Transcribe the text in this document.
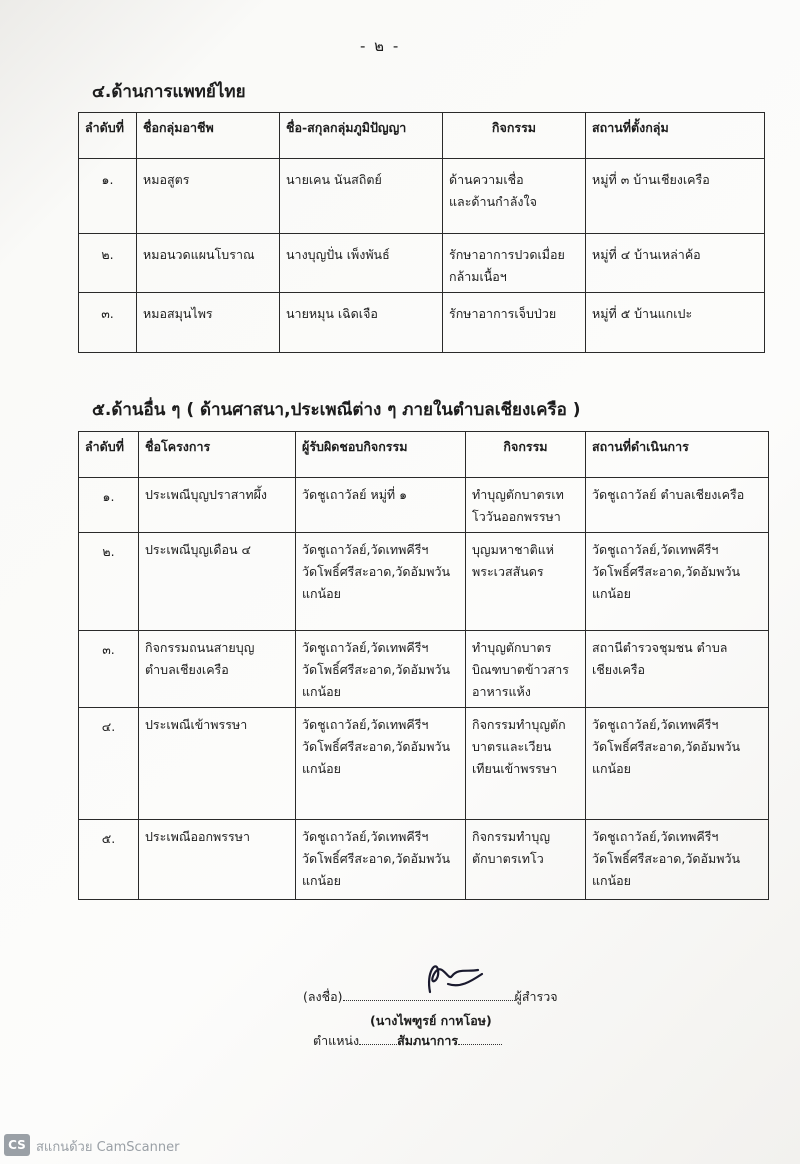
- ๒ -
๔.ด้านการแพทย์ไทย
ลำดับที่	ชื่อกลุ่มอาชีพ	ชื่อ-สกุลกลุ่มภูมิปัญญา	กิจกรรม	สถานที่ตั้งกลุ่ม
๑.	หมอสูตร	นายเคน นันสถิตย์	ด้านความเชื่อ
และด้านกำลังใจ	หมู่ที่ ๓ บ้านเชียงเครือ

๒.	หมอนวดแผนโบราณ	นางบุญปั่น เพ็งพันธ์	รักษาอาการปวดเมื่อย
กล้ามเนื้อฯ	หมู่ที่ ๔ บ้านเหล่าค้อ

๓.	หมอสมุนไพร	นายหมุน เฉิดเจือ	รักษาอาการเจ็บป่วย	หมู่ที่ ๕ บ้านแกเปะ
๕.ด้านอื่น ๆ ( ด้านศาสนา,ประเพณีต่าง ๆ ภายในตำบลเชียงเครือ )
ลำดับที่	ชื่อโครงการ	ผู้รับผิดชอบกิจกรรม	กิจกรรม	สถานที่ดำเนินการ
๑.	ประเพณีบุญปราสาทผึ้ง	วัดชูเถาวัลย์ หมู่ที่ ๑	ทำบุญตักบาตรเท
โววันออกพรรษา	วัดชูเถาวัลย์ ตำบลเชียงเครือ

๒.	ประเพณีบุญเดือน ๔	วัดชูเถาวัลย์,วัดเทพคีรีฯ
วัดโพธิ์ศรีสะอาด,วัดอัมพวัน
แกน้อย	บุญมหาชาติแห่
พระเวสสันดร	วัดชูเถาวัลย์,วัดเทพคีรีฯ
วัดโพธิ์ศรีสะอาด,วัดอัมพวัน
แกน้อย

๓.	กิจกรรมถนนสายบุญ
ตำบลเชียงเครือ	วัดชูเถาวัลย์,วัดเทพคีรีฯ
วัดโพธิ์ศรีสะอาด,วัดอัมพวัน
แกน้อย	ทำบุญตักบาตร
บิณฑบาตข้าวสาร
อาหารแห้ง	สถานีตำรวจชุมชน ตำบล
เชียงเครือ

๔.	ประเพณีเข้าพรรษา	วัดชูเถาวัลย์,วัดเทพคีรีฯ
วัดโพธิ์ศรีสะอาด,วัดอัมพวัน
แกน้อย	กิจกรรมทำบุญตัก
บาตรและเวียน
เทียนเข้าพรรษา	วัดชูเถาวัลย์,วัดเทพคีรีฯ
วัดโพธิ์ศรีสะอาด,วัดอัมพวัน
แกน้อย

๕.	ประเพณีออกพรรษา	วัดชูเถาวัลย์,วัดเทพคีรีฯ
วัดโพธิ์ศรีสะอาด,วัดอัมพวัน
แกน้อย	กิจกรรมทำบุญ
ตักบาตรเทโว	วัดชูเถาวัลย์,วัดเทพคีรีฯ
วัดโพธิ์ศรีสะอาด,วัดอัมพวัน
แกน้อย
(ลงชื่อ)	ผู้สำรวจ
(นางไพฑูรย์ กาหโอษ)
ตำแหน่ง	สัมภนาการ
CS สแกนด้วย CamScanner
